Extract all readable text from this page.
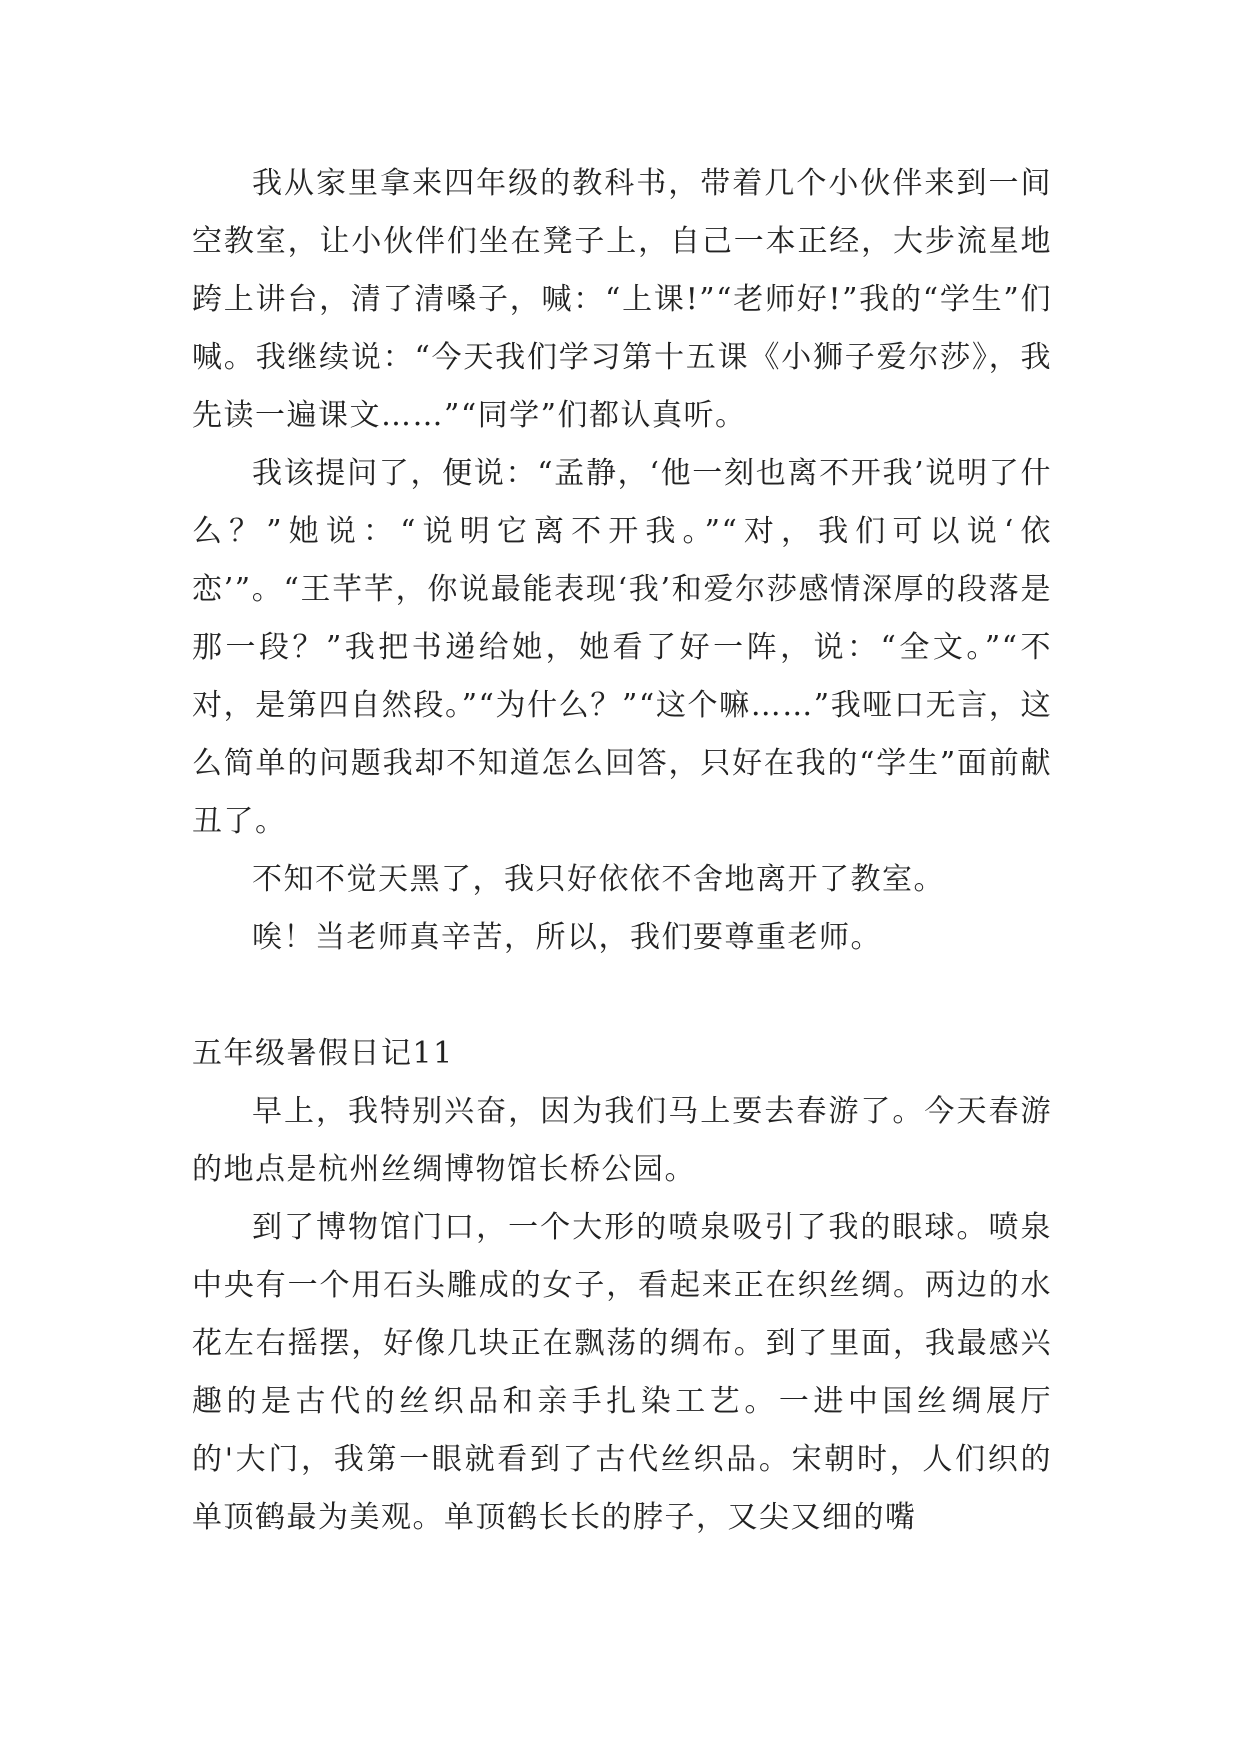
我从家里拿来四年级的教科书，带着几个小伙伴来到一间空教室，让小伙伴们坐在凳子上，自己一本正经，大步流星地跨上讲台，清了清嗓子，喊：“上课!”“老师好!”我的“学生”们喊。我继续说：“今天我们学习第十五课《小狮子爱尔莎》，我先读一遍课文……”“同学”们都认真听。

我该提问了，便说：“孟静，‘他一刻也离不开我’说明了什么？”她说：“说明它离不开我。”“对，我们可以说‘依恋’”。“王芊芊，你说最能表现‘我’和爱尔莎感情深厚的段落是那一段？”我把书递给她，她看了好一阵，说：“全文。”“不对，是第四自然段。”“为什么？”“这个嘛……”我哑口无言，这么简单的问题我却不知道怎么回答，只好在我的“学生”面前献丑了。

不知不觉天黑了，我只好依依不舍地离开了教室。

唉！当老师真辛苦，所以，我们要尊重老师。

五年级暑假日记11

早上，我特别兴奋，因为我们马上要去春游了。今天春游的地点是杭州丝绸博物馆长桥公园。

到了博物馆门口，一个大形的喷泉吸引了我的眼球。喷泉中央有一个用石头雕成的女子，看起来正在织丝绸。两边的水花左右摇摆，好像几块正在飘荡的绸布。到了里面，我最感兴趣的是古代的丝织品和亲手扎染工艺。一进中国丝绸展厅的'大门，我第一眼就看到了古代丝织品。宋朝时，人们织的单顶鹤最为美观。单顶鹤长长的脖子，又尖又细的嘴
